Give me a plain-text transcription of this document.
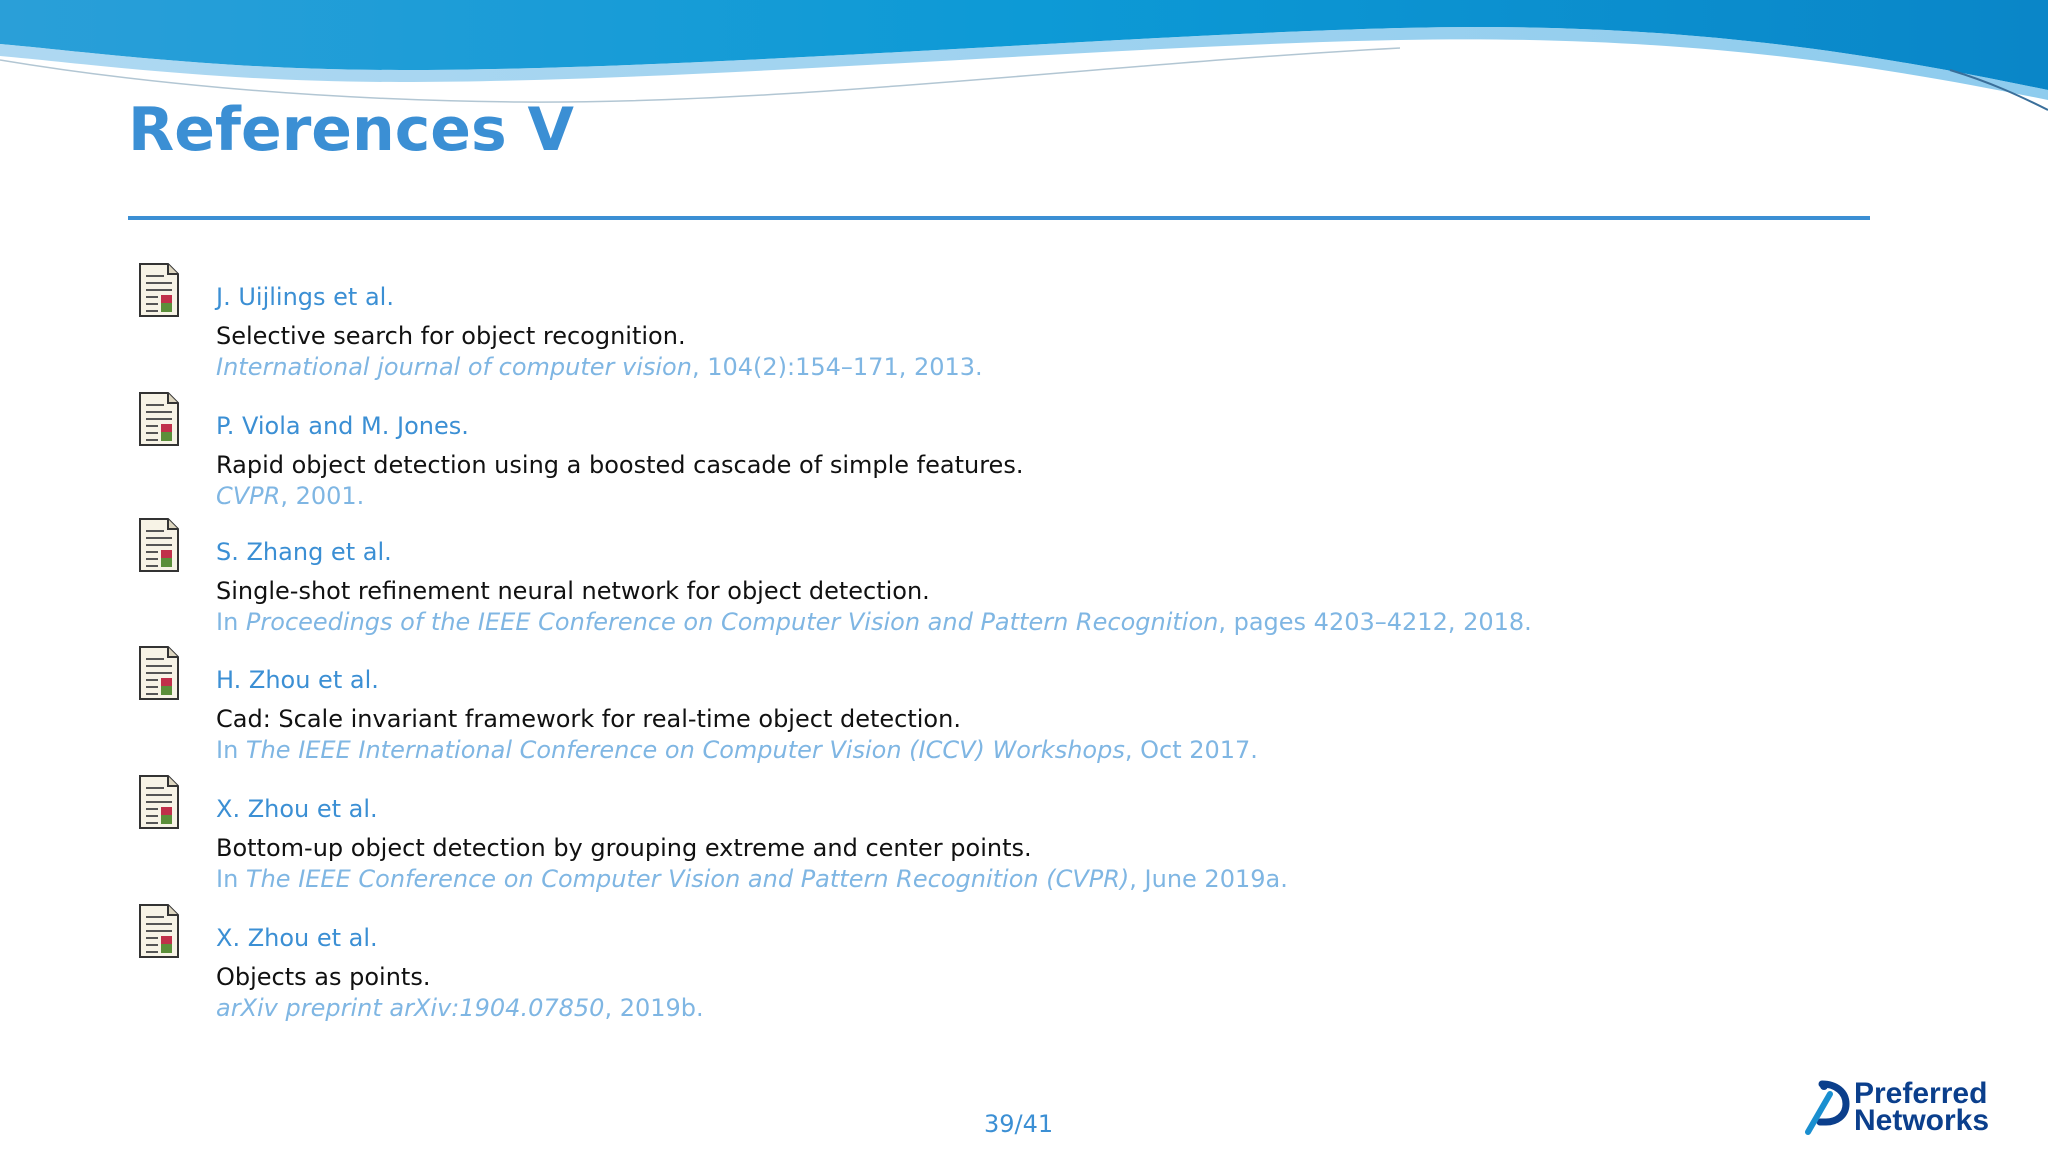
References V
J. Uijlings et al.
Selective search for object recognition.
International journal of computer vision, 104(2):154–171, 2013.
P. Viola and M. Jones.
Rapid object detection using a boosted cascade of simple features.
CVPR, 2001.
S. Zhang et al.
Single-shot refinement neural network for object detection.
In Proceedings of the IEEE Conference on Computer Vision and Pattern Recognition, pages 4203–4212, 2018.
H. Zhou et al.
Cad: Scale invariant framework for real-time object detection.
In The IEEE International Conference on Computer Vision (ICCV) Workshops, Oct 2017.
X. Zhou et al.
Bottom-up object detection by grouping extreme and center points.
In The IEEE Conference on Computer Vision and Pattern Recognition (CVPR), June 2019a.
X. Zhou et al.
Objects as points.
arXiv preprint arXiv:1904.07850, 2019b.
39/41
Preferred
Networks
